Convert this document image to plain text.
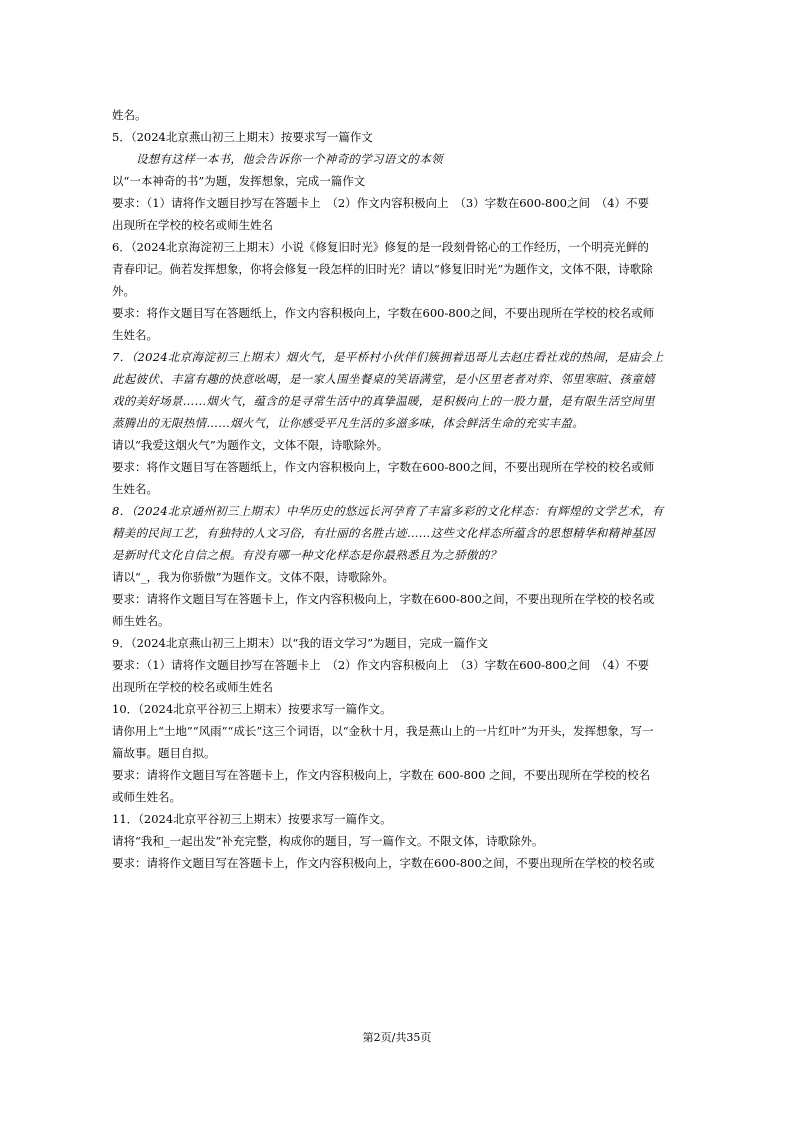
姓名。
5．（2024北京燕山初三上期末）按要求写一篇作文
设想有这样一本书，他会告诉你一个神奇的学习语文的本领
以“一本神奇的书”为题，发挥想象，完成一篇作文
要求：（1）请将作文题目抄写在答题卡上　（2）作文内容积极向上　（3）字数在600-800之间　（4）不要
出现所在学校的校名或师生姓名
6．（2024北京海淀初三上期末）小说《修复旧时光》修复的是一段刻骨铭心的工作经历，一个明亮光鲜的
青春印记。倘若发挥想象，你将会修复一段怎样的旧时光？请以“修复旧时光”为题作文，文体不限，诗歌除
外。
要求：将作文题目写在答题纸上，作文内容积极向上，字数在600-800之间，不要出现所在学校的校名或师
生姓名。
7．（2024北京海淀初三上期末）烟火气，是平桥村小伙伴们簇拥着迅哥儿去赵庄看社戏的热闹，是庙会上
此起彼伏、丰富有趣的快意吆喝，是一家人围坐餐桌的笑语满堂，是小区里老者对弈、邻里寒暄、孩童嬉
戏的美好场景……烟火气，蕴含的是寻常生活中的真挚温暖，是积极向上的一股力量，是有限生活空间里
蒸腾出的无限热情……烟火气，让你感受平凡生活的多滋多味，体会鲜活生命的充实丰盈。
请以“我爱这烟火气”为题作文，文体不限，诗歌除外。
要求：将作文题目写在答题纸上，作文内容积极向上，字数在600-800之间，不要出现所在学校的校名或师
生姓名。
8．（2024北京通州初三上期末）中华历史的悠远长河孕育了丰富多彩的文化样态：有辉煌的文学艺术，有
精美的民间工艺，有独特的人文习俗，有壮丽的名胜古迹……这些文化样态所蕴含的思想精华和精神基因
是新时代文化自信之根。有没有哪一种文化样态是你最熟悉且为之骄傲的？
请以“_，我为你骄傲”为题作文。文体不限，诗歌除外。
要求：请将作文题目写在答题卡上，作文内容积极向上，字数在600-800之间，不要出现所在学校的校名或
师生姓名。
9．（2024北京燕山初三上期末）以“我的语文学习”为题目，完成一篇作文
要求：（1）请将作文题目抄写在答题卡上　（2）作文内容积极向上　（3）字数在600-800之间　（4）不要
出现所在学校的校名或师生姓名
10．（2024北京平谷初三上期末）按要求写一篇作文。
请你用上“土地”“风雨”“成长”这三个词语，以“金秋十月，我是燕山上的一片红叶”为开头，发挥想象，写一
篇故事。题目自拟。
要求：请将作文题目写在答题卡上，作文内容积极向上，字数在 600-800 之间，不要出现所在学校的校名
或师生姓名。
11．（2024北京平谷初三上期末）按要求写一篇作文。
请将“我和_一起出发”补充完整，构成你的题目，写一篇作文。不限文体，诗歌除外。
要求：请将作文题目写在答题卡上，作文内容积极向上，字数在600-800之间，不要出现所在学校的校名或
第2页/共35页
